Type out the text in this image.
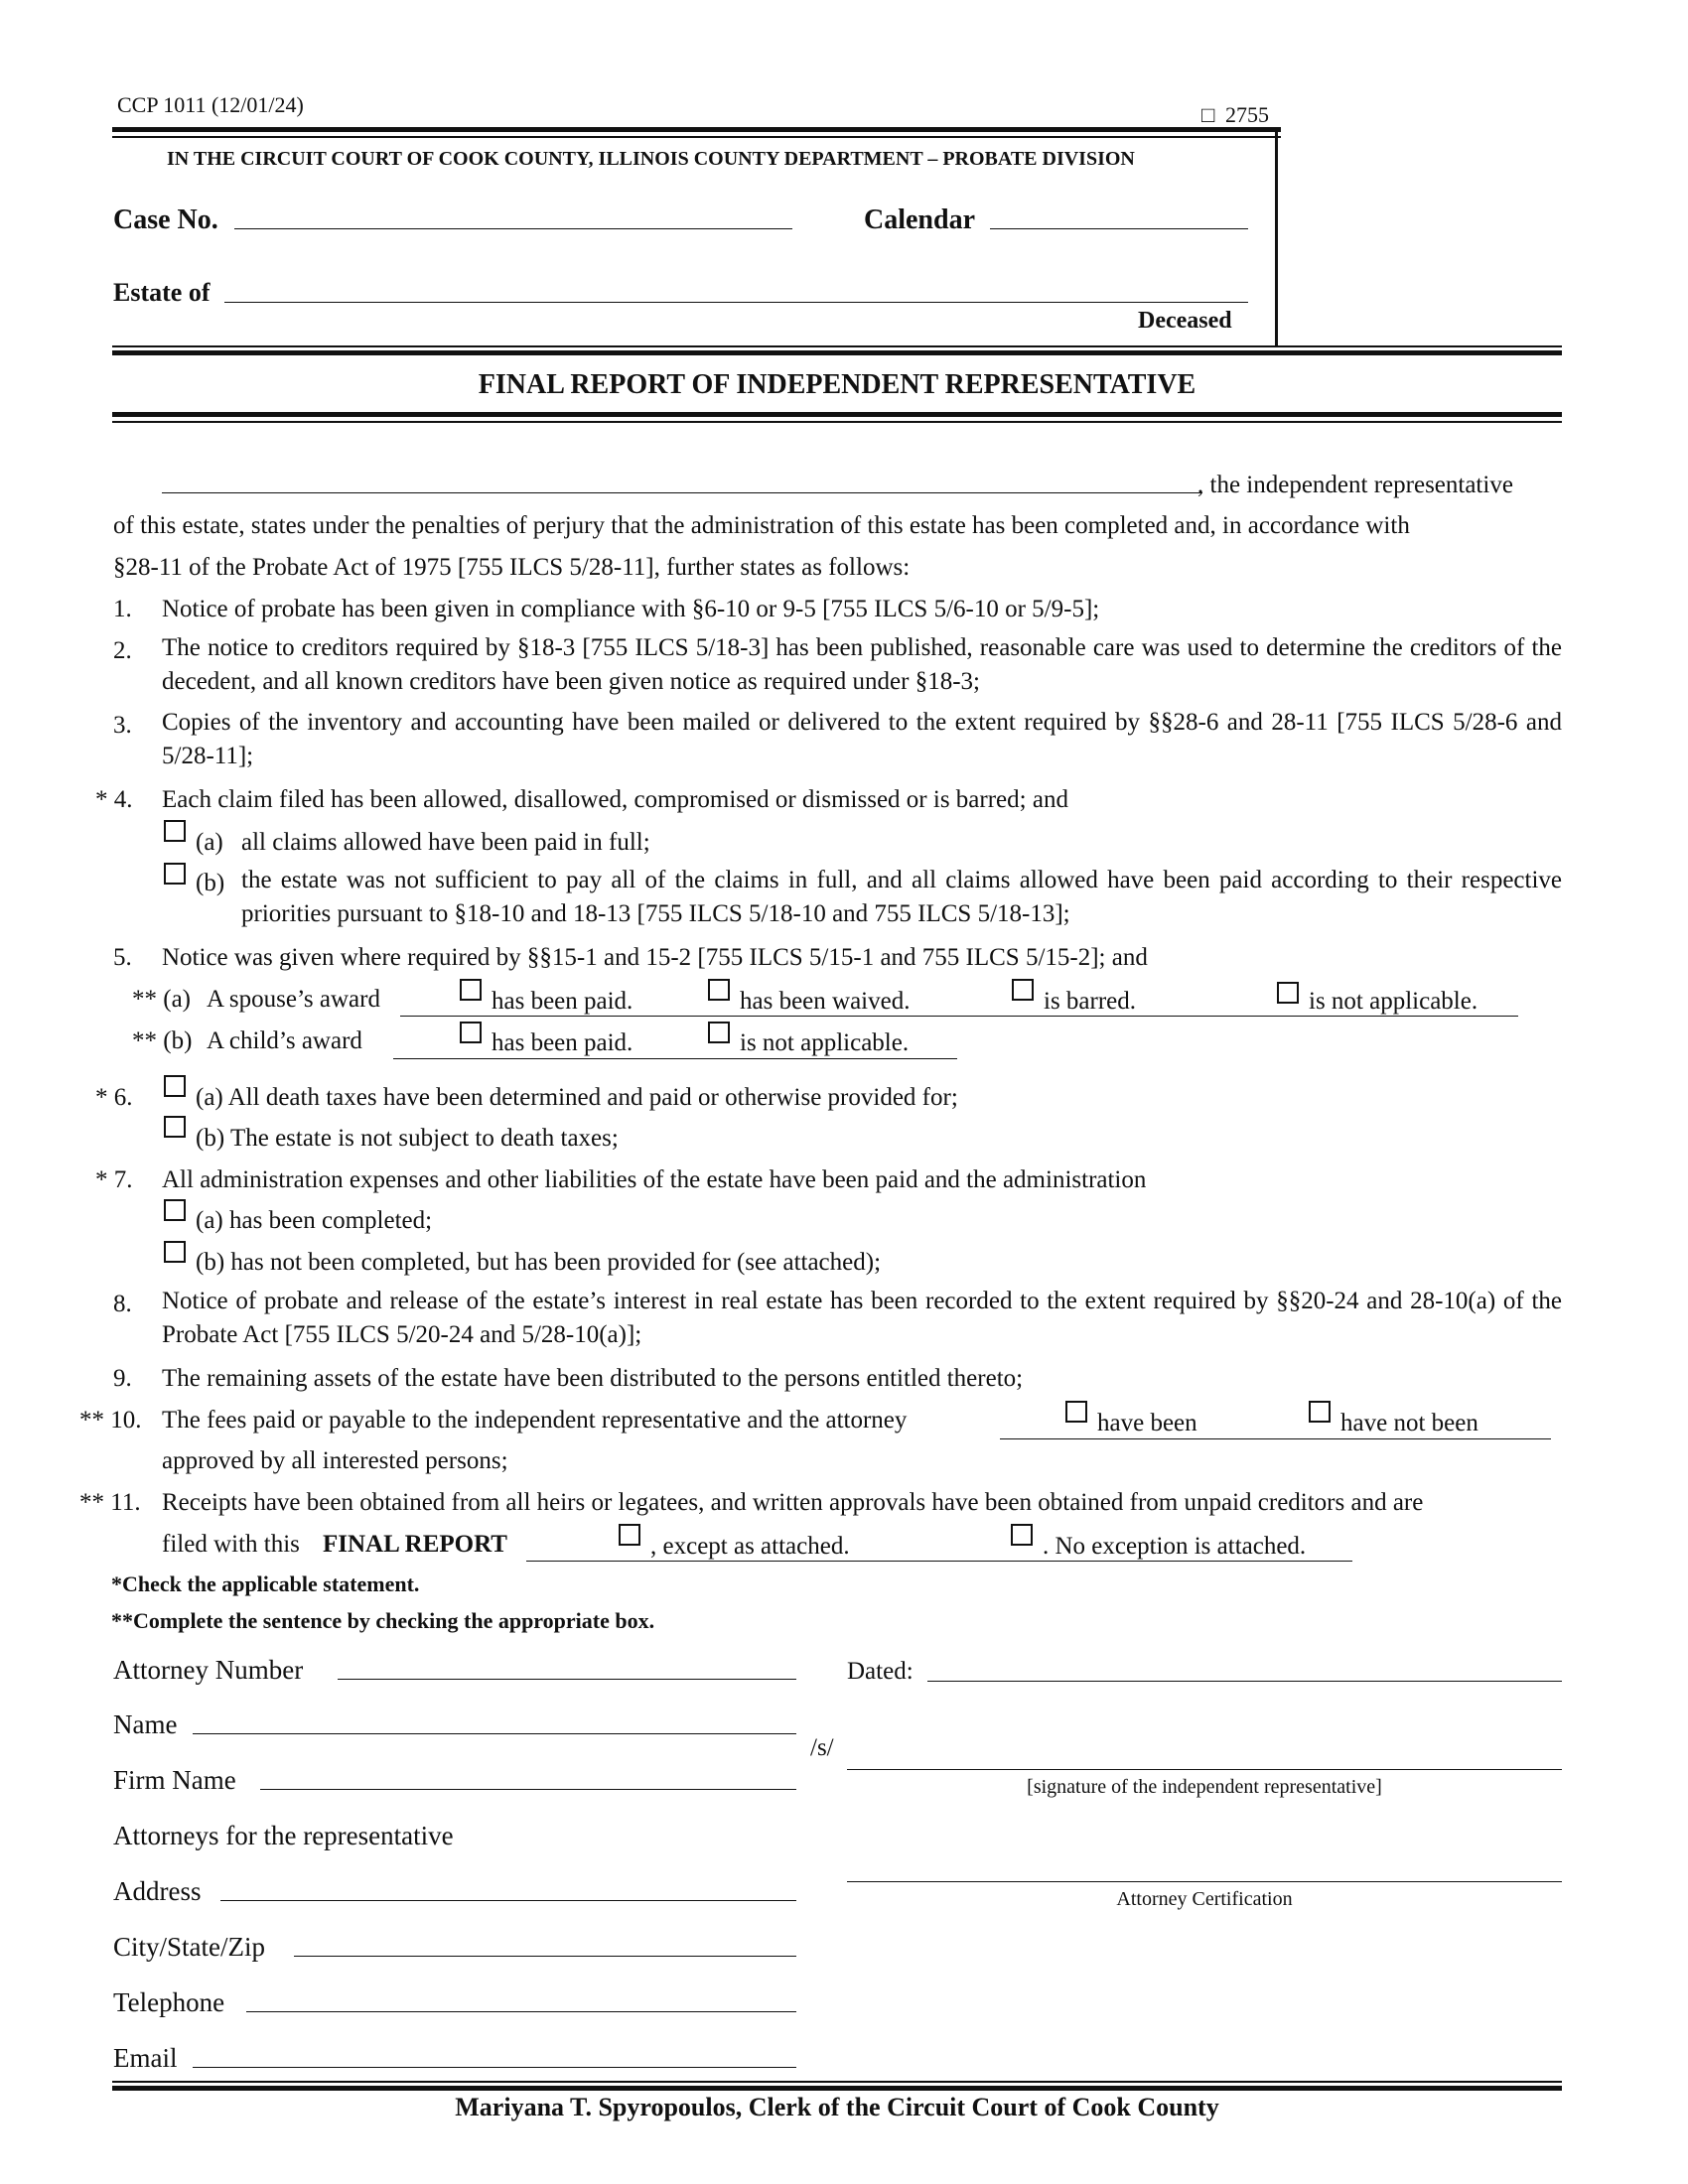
CCP 1011 (12/01/24)	□ 2755
IN THE CIRCUIT COURT OF COOK COUNTY, ILLINOIS COUNTY DEPARTMENT – PROBATE DIVISION
Case No.	Calendar
Estate of
Deceased
FINAL REPORT OF INDEPENDENT REPRESENTATIVE
, the independent representative
of this estate, states under the penalties of perjury that the administration of this estate has been completed and, in accordance with
§28-11 of the Probate Act of 1975 [755 ILCS 5/28-11], further states as follows:
1. Notice of probate has been given in compliance with §6-10 or 9-5 [755 ILCS 5/6-10 or 5/9-5];
2. The notice to creditors required by §18-3 [755 ILCS 5/18-3] has been published, reasonable care was used to determine the creditors of the decedent, and all known creditors have been given notice as required under §18-3;
3. Copies of the inventory and accounting have been mailed or delivered to the extent required by §§28-6 and 28-11 [755 ILCS 5/28-6 and 5/28-11];
* 4. Each claim filed has been allowed, disallowed, compromised or dismissed or is barred; and
(a) all claims allowed have been paid in full;
(b) the estate was not sufficient to pay all of the claims in full, and all claims allowed have been paid according to their respective priorities pursuant to §18-10 and 18-13 [755 ILCS 5/18-10 and 755 ILCS 5/18-13];
5. Notice was given where required by §§15-1 and 15-2 [755 ILCS 5/15-1 and 755 ILCS 5/15-2]; and
** (a) A spouse’s award	has been paid.	has been waived.	is barred.	is not applicable.
** (b) A child’s award	has been paid.	is not applicable.
* 6.	(a) All death taxes have been determined and paid or otherwise provided for;
(b) The estate is not subject to death taxes;
* 7. All administration expenses and other liabilities of the estate have been paid and the administration
(a) has been completed;
(b) has not been completed, but has been provided for (see attached);
8. Notice of probate and release of the estate’s interest in real estate has been recorded to the extent required by §§20-24 and 28-10(a) of the Probate Act [755 ILCS 5/20-24 and 5/28-10(a)];
9. The remaining assets of the estate have been distributed to the persons entitled thereto;
** 10. The fees paid or payable to the independent representative and the attorney	have been	have not been
approved by all interested persons;
** 11. Receipts have been obtained from all heirs or legatees, and written approvals have been obtained from unpaid creditors and are
filed with this FINAL REPORT	, except as attached.	. No exception is attached.
*Check the applicable statement.
**Complete the sentence by checking the appropriate box.
Attorney Number
Name
Firm Name
Attorneys for the representative
Address
City/State/Zip
Telephone
Email
Dated:
/s/
[signature of the independent representative]
Attorney Certification
Mariyana T. Spyropoulos, Clerk of the Circuit Court of Cook County
